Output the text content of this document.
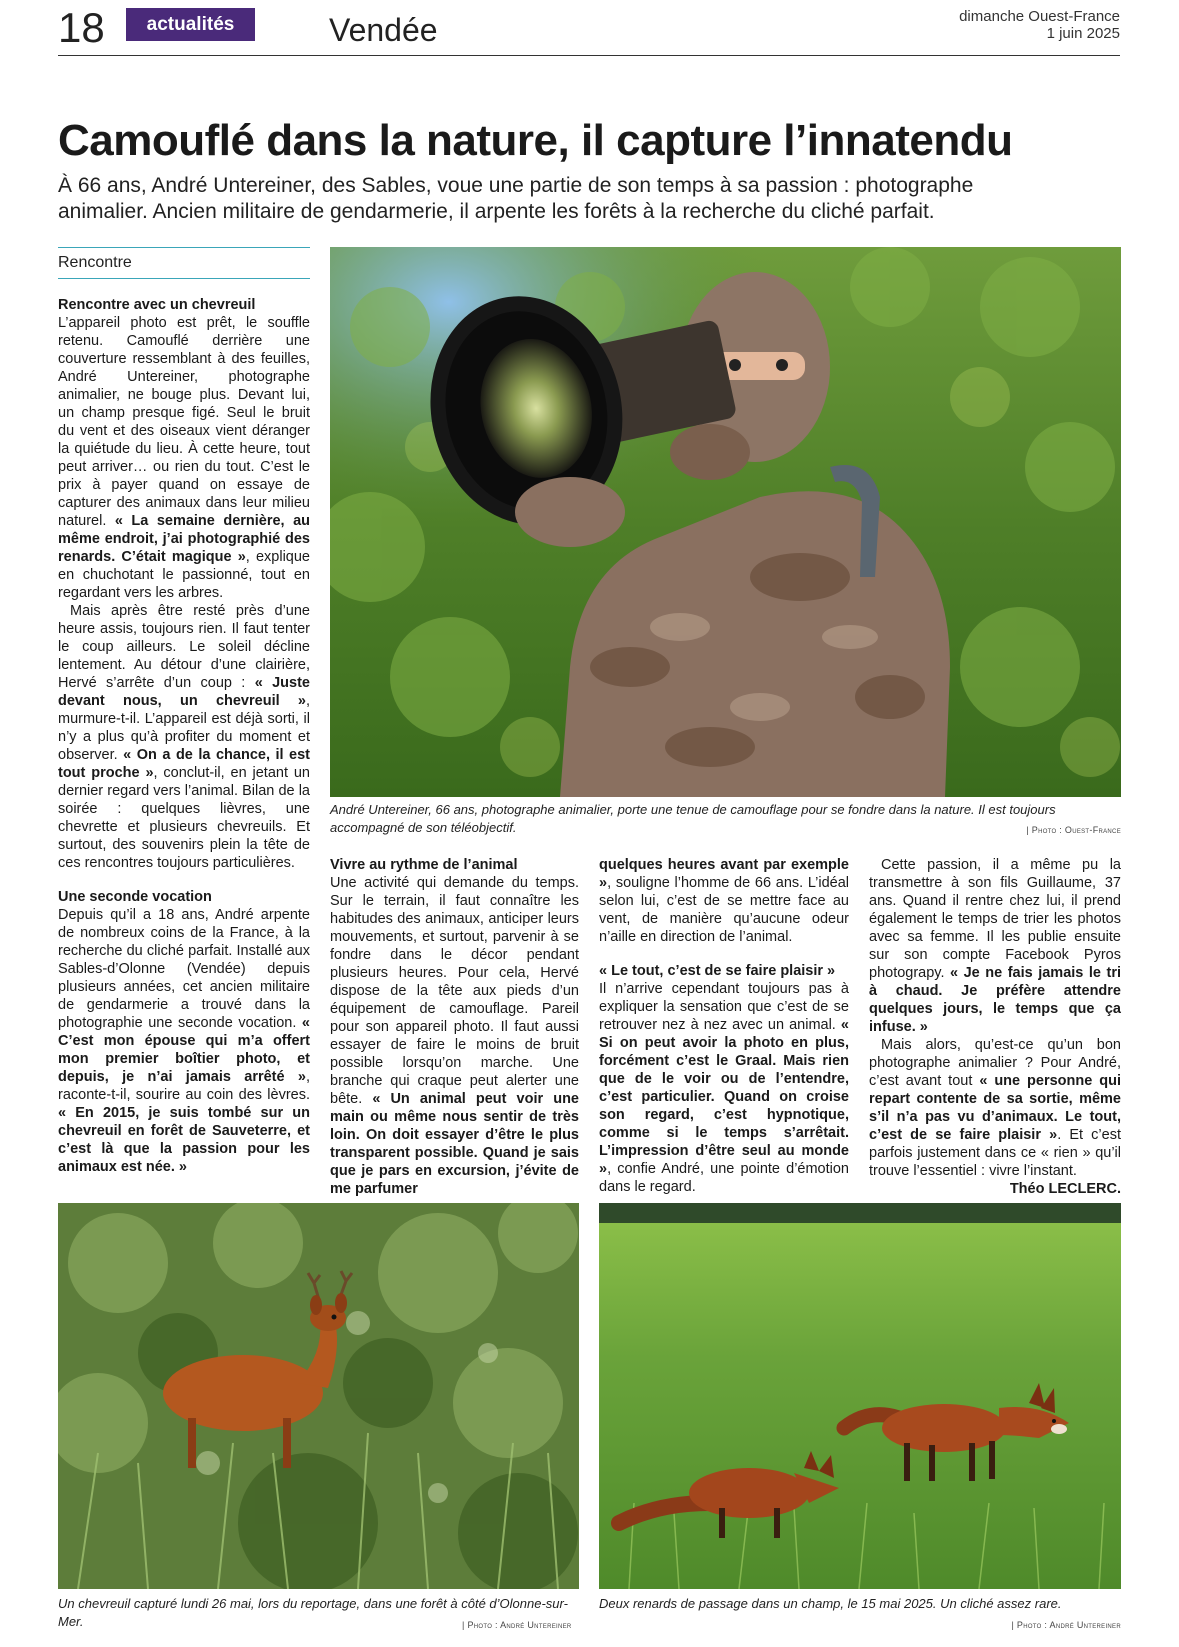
18	actualités	Vendée	dimanche Ouest-France
1 juin 2025
Camouflé dans la nature, il capture l’innatendu

À 66 ans, André Untereiner, des Sables, voue une partie de son temps à sa passion : photographe animalier. Ancien militaire de gendarmerie, il arpente les forêts à la recherche du cliché parfait.

Rencontre

André Untereiner, 66 ans, photographe animalier, porte une tenue de camouflage pour se fondre dans la nature. Il est toujours accompagné de son téléobjectif.	| Photo : Ouest-France

Rencontre avec un chevreuil

L’appareil photo est prêt, le souffle retenu. Camouflé derrière une couverture ressemblant à des feuilles, André Untereiner, photographe animalier, ne bouge plus. Devant lui, un champ presque figé. Seul le bruit du vent et des oiseaux vient déranger la quiétude du lieu. À cette heure, tout peut arriver… ou rien du tout. C’est le prix à payer quand on essaye de capturer des animaux dans leur milieu naturel. « La semaine dernière, au même endroit, j’ai photographié des renards. C’était magique », explique en chuchotant le passionné, tout en regardant vers les arbres.

Mais après être resté près d’une heure assis, toujours rien. Il faut tenter le coup ailleurs. Le soleil décline lentement. Au détour d’une clairière, Hervé s’arrête d’un coup : « Juste devant nous, un chevreuil », murmure-t-il. L’appareil est déjà sorti, il n’y a plus qu’à profiter du moment et observer. « On a de la chance, il est tout proche », conclut-il, en jetant un dernier regard vers l’animal. Bilan de la soirée : quelques lièvres, une chevrette et plusieurs chevreuils. Et surtout, des souvenirs plein la tête de ces rencontres toujours particulières.

Une seconde vocation

Depuis qu’il a 18 ans, André arpente de nombreux coins de la France, à la recherche du cliché parfait. Installé aux Sables-d’Olonne (Vendée) depuis plusieurs années, cet ancien militaire de gendarmerie a trouvé dans la photographie une seconde vocation. « C’est mon épouse qui m’a offert mon premier boîtier photo, et depuis, je n’ai jamais arrêté », raconte-t-il, sourire au coin des lèvres. « En 2015, je suis tombé sur un chevreuil en forêt de Sauveterre, et c’est là que la passion pour les animaux est née. »

Vivre au rythme de l’animal

Une activité qui demande du temps. Sur le terrain, il faut connaître les habitudes des animaux, anticiper leurs mouvements, et surtout, parvenir à se fondre dans le décor pendant plusieurs heures. Pour cela, Hervé dispose de la tête aux pieds d’un équipement de camouflage. Pareil pour son appareil photo. Il faut aussi essayer de faire le moins de bruit possible lorsqu’on marche. Une branche qui craque peut alerter une bête. « Un animal peut voir une main ou même nous sentir de très loin. On doit essayer d’être le plus transparent possible. Quand je sais que je pars en excursion, j’évite de me parfumer

quelques heures avant par exemple », souligne l’homme de 66 ans. L’idéal selon lui, c’est de se mettre face au vent, de manière qu’aucune odeur n’aille en direction de l’animal.

« Le tout, c’est de se faire plaisir »

Il n’arrive cependant toujours pas à expliquer la sensation que c’est de se retrouver nez à nez avec un animal. « Si on peut avoir la photo en plus, forcément c’est le Graal. Mais rien que de le voir ou de l’entendre, c’est particulier. Quand on croise son regard, c’est hypnotique, comme si le temps s’arrêtait. L’impression d’être seul au monde », confie André, une pointe d’émotion dans le regard.

Cette passion, il a même pu la transmettre à son fils Guillaume, 37 ans. Quand il rentre chez lui, il prend également le temps de trier les photos avec sa femme. Il les publie ensuite sur son compte Facebook Pyros photograpy. « Je ne fais jamais le tri à chaud. Je préfère attendre quelques jours, le temps que ça infuse. »

Mais alors, qu’est-ce qu’un bon photographe animalier ? Pour André, c’est avant tout « une personne qui repart contente de sa sortie, même s’il n’a pas vu d’animaux. Le tout, c’est de se faire plaisir ». Et c’est parfois justement dans ce « rien » qu’il trouve l’essentiel : vivre l’instant.

Théo LECLERC.

Un chevreuil capturé lundi 26 mai, lors du reportage, dans une forêt à côté d’Olonne-sur-Mer.	| Photo : André Untereiner

Deux renards de passage dans un champ, le 15 mai 2025. Un cliché assez rare.

| Photo : André Untereiner
